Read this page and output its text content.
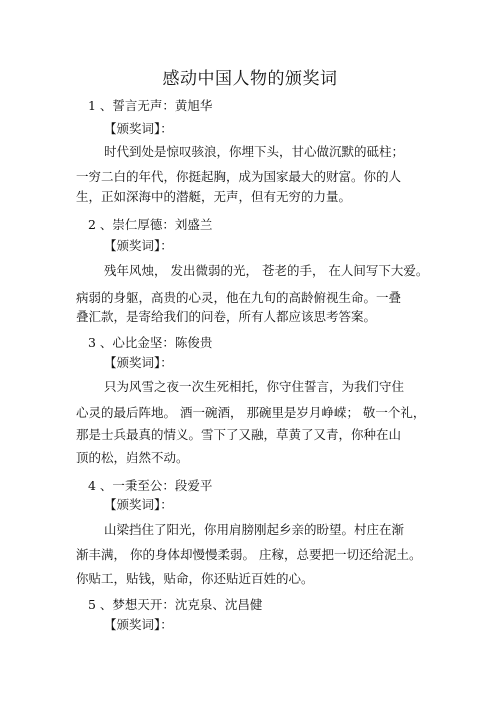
感动中国人物的颁奖词
1 、誓言无声：黄旭华
【颁奖词】：
时代到处是惊叹骇浪，你埋下头，甘心做沉默的砥柱；
一穷二白的年代，你挺起胸，成为国家最大的财富。你的人
生，正如深海中的潜艇，无声，但有无穷的力量。
2 、崇仁厚德：刘盛兰
【颁奖词】：
残年风烛， 发出微弱的光， 苍老的手， 在人间写下大爱。
病弱的身躯，高贵的心灵，他在九旬的高龄俯视生命。一叠
叠汇款，是寄给我们的问卷，所有人都应该思考答案。
3 、心比金坚：陈俊贵
【颁奖词】：
只为风雪之夜一次生死相托，你守住誓言，为我们守住
心灵的最后阵地。 酒一碗酒， 那碗里是岁月峥嵘； 敬一个礼，
那是士兵最真的情义。雪下了又融，草黄了又青，你种在山
顶的松，岿然不动。
4 、一秉至公：段爱平
【颁奖词】：
山梁挡住了阳光，你用肩膀刚起乡亲的盼望。村庄在渐
渐丰满， 你的身体却慢慢柔弱。 庄稼，总要把一切还给泥土。
你贴工，贴钱，贴命，你还贴近百姓的心。
5 、梦想天开：沈克泉、沈昌健
【颁奖词】：
